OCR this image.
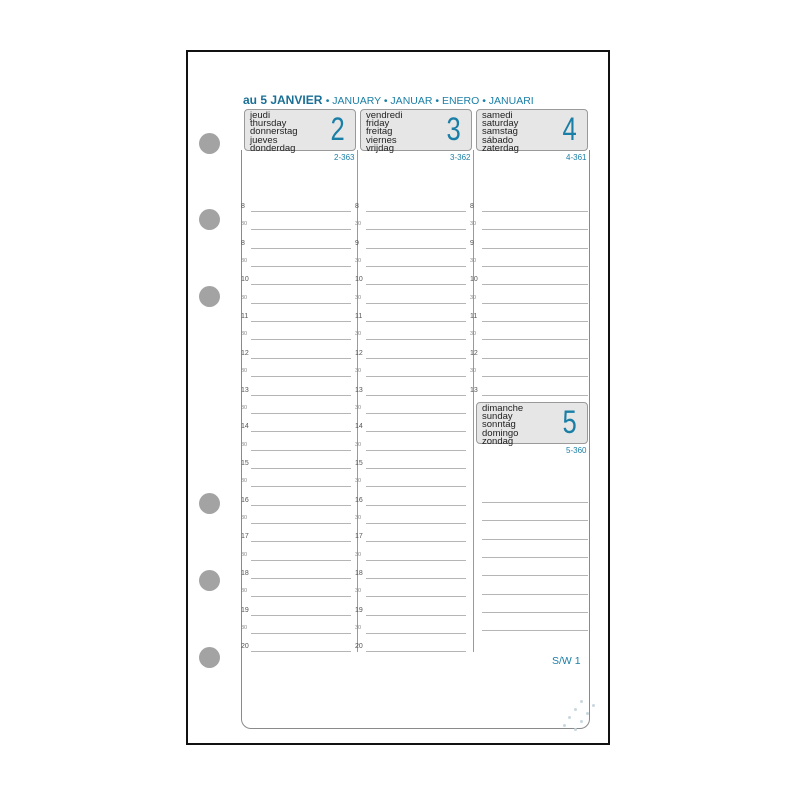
au 5 JANVIER • JANUARY • JANUAR • ENERO • JANUARI
jeudi
thursday
donnerstag
jueves
donderdag
2 vendredi
friday
freitag
viernes
vrijdag
3 samedi
saturday
samstag
sábado
zaterdag
4
dimanche
sunday
sonntag
domingo
zondag
5
2-363	3-362	4-361
5-360
8
30
8
30
10
30
11
30
12
30
13
30
14
30
15
30
16
30
17
30
18
30
19
30
20
8
30
9
30
10
30
11
30
12
30
13
30
14
30
15
30
16
30
17
30
18
30
19
30
20
8
30
9
30
10
30
11
30
12
30
13
S/W 1
